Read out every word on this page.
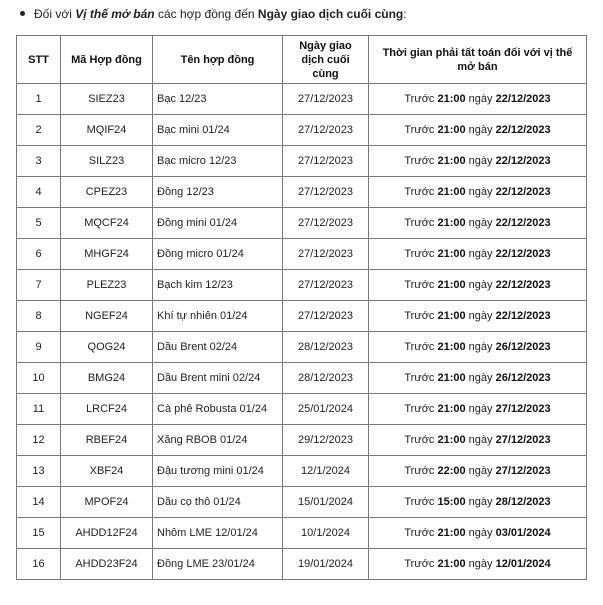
Đối với Vị thế mở bán các hợp đồng đến Ngày giao dịch cuối cùng:
STT	Mã Hợp đồng	Tên hợp đồng	Ngày giao dịch cuối cùng	Thời gian phải tất toán đối với vị thế mở bán
1	SIEZ23	Bạc 12/23	27/12/2023	Trước 21:00 ngày 22/12/2023
2	MQIF24	Bạc mini 01/24	27/12/2023	Trước 21:00 ngày 22/12/2023
3	SILZ23	Bạc micro 12/23	27/12/2023	Trước 21:00 ngày 22/12/2023
4	CPEZ23	Đồng 12/23	27/12/2023	Trước 21:00 ngày 22/12/2023
5	MQCF24	Đồng mini 01/24	27/12/2023	Trước 21:00 ngày 22/12/2023
6	MHGF24	Đồng micro 01/24	27/12/2023	Trước 21:00 ngày 22/12/2023
7	PLEZ23	Bạch kim 12/23	27/12/2023	Trước 21:00 ngày 22/12/2023
8	NGEF24	Khí tự nhiên 01/24	27/12/2023	Trước 21:00 ngày 22/12/2023
9	QOG24	Dầu Brent 02/24	28/12/2023	Trước 21:00 ngày 26/12/2023
10	BMG24	Dầu Brent mini 02/24	28/12/2023	Trước 21:00 ngày 26/12/2023
11	LRCF24	Cà phê Robusta 01/24	25/01/2024	Trước 21:00 ngày 27/12/2023
12	RBEF24	Xăng RBOB 01/24	29/12/2023	Trước 21:00 ngày 27/12/2023
13	XBF24	Đậu tương mini 01/24	12/1/2024	Trước 22:00 ngày 27/12/2023
14	MPOF24	Dầu cọ thô 01/24	15/01/2024	Trước 15:00 ngày 28/12/2023
15	AHDD12F24	Nhôm LME 12/01/24	10/1/2024	Trước 21:00 ngày 03/01/2024
16	AHDD23F24	Đồng LME 23/01/24	19/01/2024	Trước 21:00 ngày 12/01/2024
